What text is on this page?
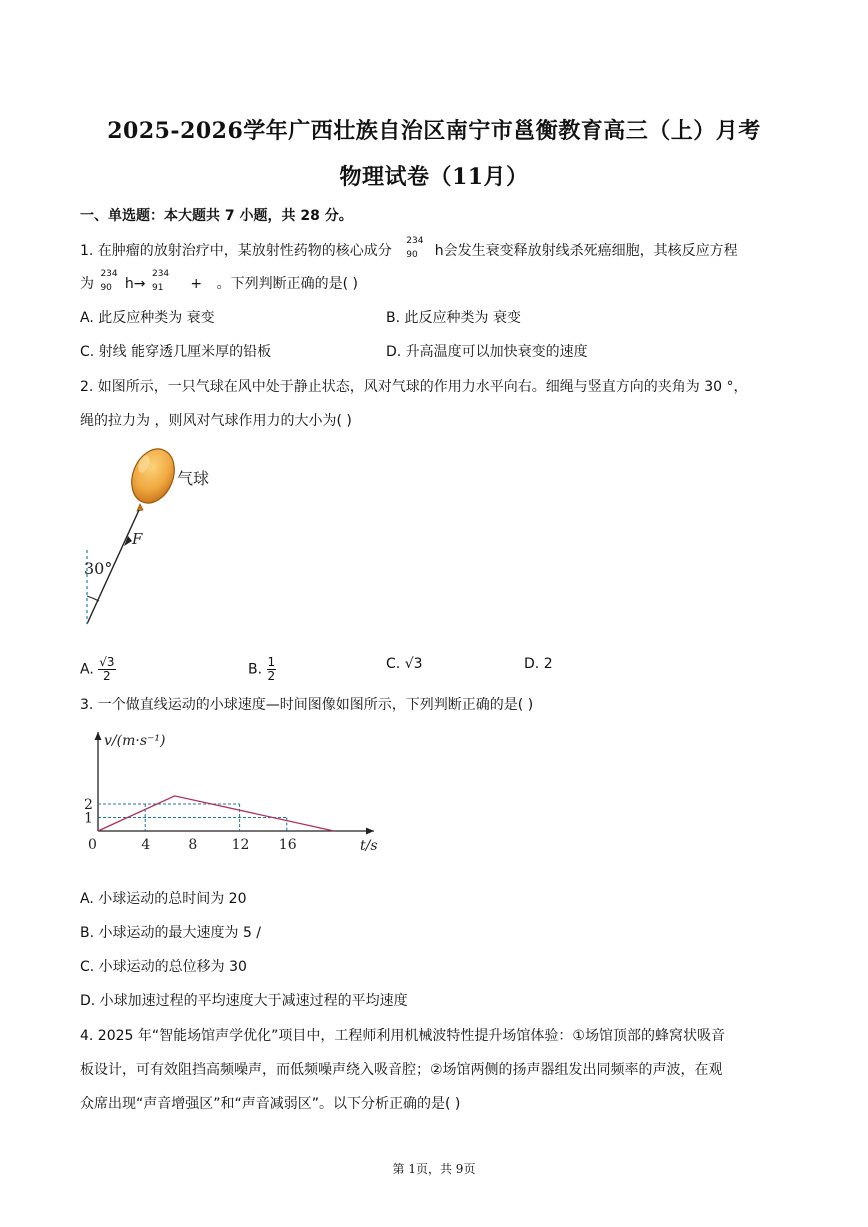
2025-2026学年广西壮族自治区南宁市邕衡教育高三（上）月考
物理试卷（11月）
一、单选题：本大题共 7 小题，共 28 分。
1. 在肿瘤的放射治疗中，某放射性药物的核心成分
234
90 h会发生衰变释放射线杀死癌细胞，其核反应方程
为
234
90 h→
234
91 + 。下列判断正确的是( )
A. 此反应种类为 衰变	B. 此反应种类为 衰变
C. 射线 能穿透几厘米厚的铅板	D. 升高温度可以加快衰变的速度
2. 如图所示，一只气球在风中处于静止状态，风对气球的作用力水平向右。细绳与竖直方向的夹角为 30 °，
绳的拉力为 ，则风对气球作用力的大小为( )
气球
F
30°
A. $\frac{√3}{2}$	B. $\frac{1}{2}$	C. √3	D. 2
3. 一个做直线运动的小球速度—时间图像如图所示，下列判断正确的是( )
0	4	8 12 16
1
2
v/(m·s⁻¹)
t/s
A. 小球运动的总时间为 20
B. 小球运动的最大速度为 5 /
C. 小球运动的总位移为 30
D. 小球加速过程的平均速度大于减速过程的平均速度
4. 2025 年“智能场馆声学优化”项目中，工程师利用机械波特性提升场馆体验：①场馆顶部的蜂窝状吸音
板设计，可有效阻挡高频噪声，而低频噪声绕入吸音腔；②场馆两侧的扬声器组发出同频率的声波，在观
众席出现“声音增强区”和“声音减弱区”。以下分析正确的是( )
第 1页，共 9页
